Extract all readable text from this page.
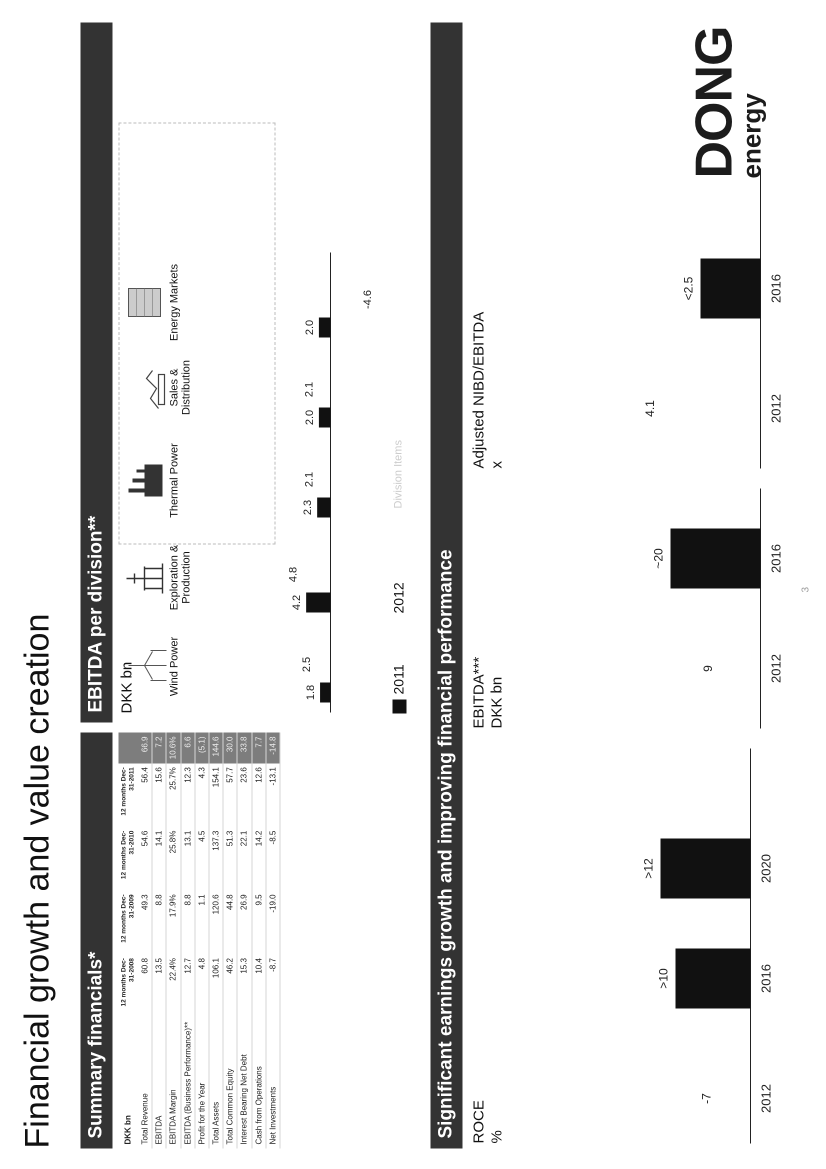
Financial growth and value creation Summary financials*	DKK bn	12 months Dec-31-2008	12 months Dec-31-2009	12 months Dec-31-2010	12 months Dec-31-2011	
Total Revenue	60.8	49.3	54.6	56.4	66.9
EBITDA	13.5	8.8	14.1	15.6	7.2
EBITDA Margin	22.4%	17.9%	25.8%	25.7%	10.6%
EBITDA (Business Performance)**	12.7	8.8	13.1	12.3	6.6
Profit for the Year	4.8	1.1	4.5	4.3	(5.1)
Total Assets	106.1	120.6	137.3	154.1	144.6
Total Common Equity	46.2	44.8	51.3	57.7	30.0
Interest Bearing Net Debt	15.3	26.9	22.1	23.6	33.8
Cash from Operations	10.4	9.5	14.2	12.6	7.7
Net Investments	-8.7	-19.0	-8.5	-13.1	-14.8
EBITDA per division** DKK bn	Wind Power
Exploration & Production
Thermal Power
Sales & Distribution
Energy Markets
1.8
2.5
4.2
4.8
2.3
2.1
2.0
2.1
2.0
-4.6
2011
2012
Division Items
Significant earnings growth and improving financial performance ROCE %
EBITDA*** DKK bn
Adjusted NIBD/EBITDA x
-7	2012
>10	2016
>12	2020
9	2012
~20	2016
4.1	2012
<2.5	2016
DONG
energy
3
